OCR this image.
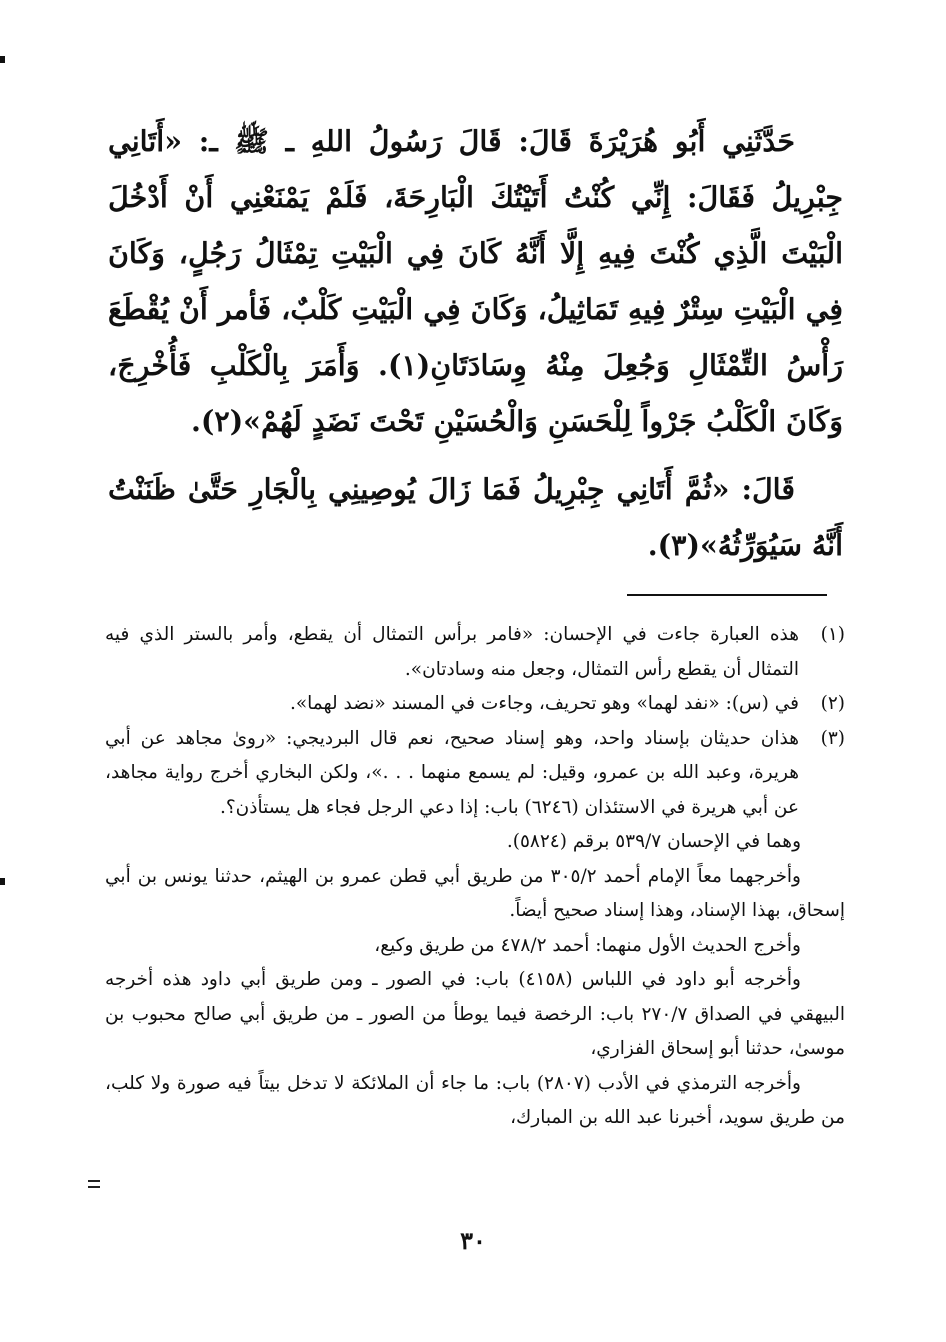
حَدَّثَنِي أَبُو هُرَيْرَةَ قَالَ: قَالَ رَسُولُ اللهِ ـ ﷺ ـ: «أَتَانِي جِبْرِيلُ فَقَالَ: إِنِّي كُنْتُ أَتَيْتُكَ الْبَارِحَةَ، فَلَمْ يَمْنَعْنِي أَنْ أَدْخُلَ الْبَيْتَ الَّذِي كُنْتَ فِيهِ إِلَّا أَنَّهُ كَانَ فِي الْبَيْتِ تِمْثَالُ رَجُلٍ، وَكَانَ فِي الْبَيْتِ سِتْرٌ فِيهِ تَمَاثِيلُ، وَكَانَ فِي الْبَيْتِ كَلْبٌ، فَأمر أَنْ يُقْطَعَ رَأْسُ التِّمْثَالِ وَجُعِلَ مِنْهُ وِسَادَتَانِ(١). وَأَمَرَ بِالْكَلْبِ فَأُخْرِجَ، وَكَانَ الْكَلْبُ جَرْواً لِلْحَسَنِ وَالْحُسَيْنِ تَحْتَ نَضَدٍ لَهُمْ»(٢).

قَالَ: «ثُمَّ أَتَانِي جِبْرِيلُ فَمَا زَالَ يُوصِينِي بِالْجَارِ حَتَّىٰ ظَنَنْتُ أَنَّهُ سَيُوَرِّثُهُ»(٣).

(١)هذه العبارة جاءت في الإحسان: «فامر برأس التمثال أن يقطع، وأمر بالستر الذي فيه التمثال أن يقطع رأس التمثال، وجعل منه وسادتان».

(٢)في (س): «نفد لهما» وهو تحريف، وجاءت في المسند «نضد لهما».

(٣)هذان حديثان بإسناد واحد، وهو إسناد صحيح، نعم قال البرديجي: «روىٰ مجاهد عن أبي هريرة، وعبد الله بن عمرو، وقيل: لم يسمع منهما . . .»، ولكن البخاري أخرج رواية مجاهد، عن أبي هريرة في الاستئذان (٦٢٤٦) باب: إذا دعي الرجل فجاء هل يستأذن؟.

وهما في الإحسان ٥٣٩/٧ برقم (٥٨٢٤).

وأخرجهما معاً الإمام أحمد ٣٠٥/٢ من طريق أبي قطن عمرو بن الهيثم، حدثنا يونس بن أبي إسحاق، بهذا الإسناد، وهذا إسناد صحيح أيضاً.

وأخرج الحديث الأول منهما: أحمد ٤٧٨/٢ من طريق وكيع،

وأخرجه أبو داود في اللباس (٤١٥٨) باب: في الصور ـ ومن طريق أبي داود هذه أخرجه البيهقي في الصداق ٢٧٠/٧ باب: الرخصة فيما يوطأ من الصور ـ من طريق أبي صالح محبوب بن موسىٰ، حدثنا أبو إسحاق الفزاري،

وأخرجه الترمذي في الأدب (٢٨٠٧) باب: ما جاء أن الملائكة لا تدخل بيتاً فيه صورة ولا كلب، من طريق سويد، أخبرنا عبد الله بن المبارك،

٣٠
